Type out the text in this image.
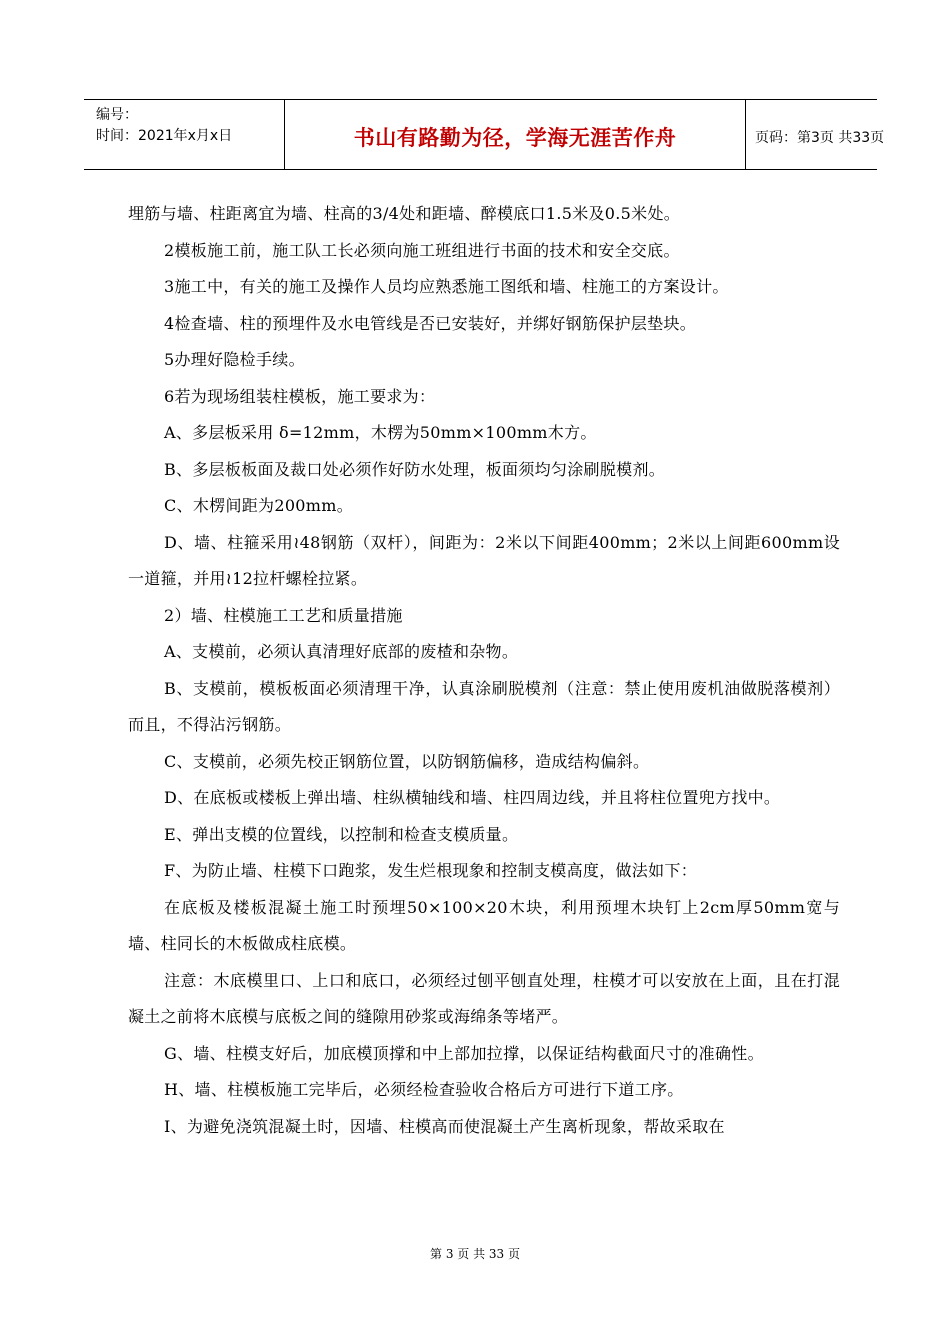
编号：
时间：2021年x月x日	书山有路勤为径，学海无涯苦作舟	页码：第3页 共33页

埋筋与墙、柱距离宜为墙、柱高的3/4处和距墙、醉模底口1.5米及0.5米处。

2模板施工前，施工队工长必须向施工班组进行书面的技术和安全交底。

3施工中，有关的施工及操作人员均应熟悉施工图纸和墙、柱施工的方案设计。

4检查墙、柱的预埋件及水电管线是否已安装好，并绑好钢筋保护层垫块。

5办理好隐检手续。

6若为现场组装柱模板，施工要求为：

A、多层板采用 δ=12mm，木楞为50mm×100mm木方。

B、多层板板面及裁口处必须作好防水处理，板面须均匀涂刷脱模剂。

C、木楞间距为200mm。

D、墙、柱箍采用≀48钢筋（双杆），间距为：2米以下间距400mm；2米以上间距600mm设一道箍，并用≀12拉杆螺栓拉紧。

2）墙、柱模施工工艺和质量措施

A、支模前，必须认真清理好底部的废楂和杂物。

B、支模前，模板板面必须清理干净，认真涂刷脱模剂（注意：禁止使用废机油做脱落模剂）而且，不得沾污钢筋。

C、支模前，必须先校正钢筋位置，以防钢筋偏移，造成结构偏斜。

D、在底板或楼板上弹出墙、柱纵横轴线和墙、柱四周边线，并且将柱位置兜方找中。

E、弹出支模的位置线，以控制和检查支模质量。

F、为防止墙、柱模下口跑浆，发生烂根现象和控制支模高度，做法如下：

在底板及楼板混凝土施工时预埋50×100×20木块，利用预埋木块钉上2cm厚50mm宽与墙、柱同长的木板做成柱底模。

注意：木底模里口、上口和底口，必须经过刨平刨直处理，柱模才可以安放在上面，且在打混凝土之前将木底模与底板之间的缝隙用砂浆或海绵条等堵严。

G、墙、柱模支好后，加底模顶撑和中上部加拉撑，以保证结构截面尺寸的准确性。

H、墙、柱模板施工完毕后，必须经检查验收合格后方可进行下道工序。

I、为避免浇筑混凝土时，因墙、柱模高而使混凝土产生离析现象，帮故采取在

第 3 页 共 33 页
